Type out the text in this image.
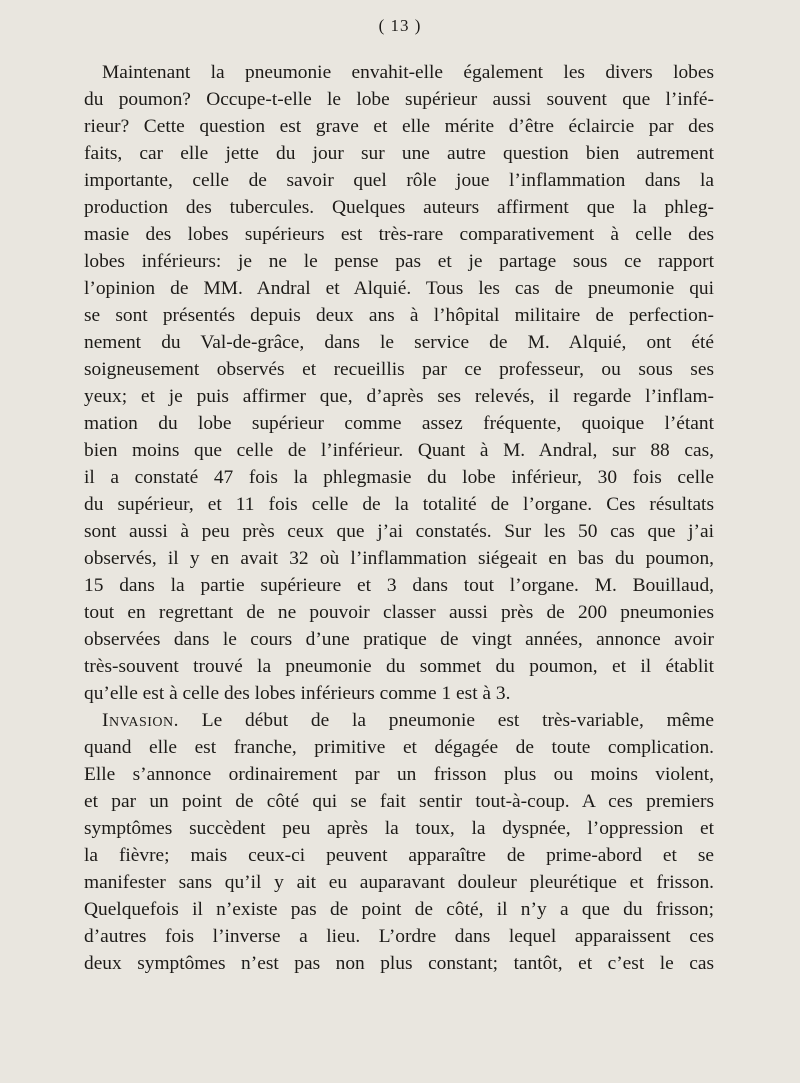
( 13 )
Maintenant la pneumonie envahit-elle également les divers lobes
du poumon? Occupe-t-elle le lobe supérieur aussi souvent que l’infé-
rieur? Cette question est grave et elle mérite d’être éclaircie par des
faits, car elle jette du jour sur une autre question bien autrement
importante, celle de savoir quel rôle joue l’inflammation dans la
production des tubercules. Quelques auteurs affirment que la phleg-
masie des lobes supérieurs est très-rare comparativement à celle des
lobes inférieurs: je ne le pense pas et je partage sous ce rapport
l’opinion de MM. Andral et Alquié. Tous les cas de pneumonie qui
se sont présentés depuis deux ans à l’hôpital militaire de perfection-
nement du Val-de-grâce, dans le service de M. Alquié, ont été
soigneusement observés et recueillis par ce professeur, ou sous ses
yeux; et je puis affirmer que, d’après ses relevés, il regarde l’inflam-
mation du lobe supérieur comme assez fréquente, quoique l’étant
bien moins que celle de l’inférieur. Quant à M. Andral, sur 88 cas,
il a constaté 47 fois la phlegmasie du lobe inférieur, 30 fois celle
du supérieur, et 11 fois celle de la totalité de l’organe. Ces résultats
sont aussi à peu près ceux que j’ai constatés. Sur les 50 cas que j’ai
observés, il y en avait 32 où l’inflammation siégeait en bas du poumon,
15 dans la partie supérieure et 3 dans tout l’organe. M. Bouillaud,
tout en regrettant de ne pouvoir classer aussi près de 200 pneumonies
observées dans le cours d’une pratique de vingt années, annonce avoir
très-souvent trouvé la pneumonie du sommet du poumon, et il établit
qu’elle est à celle des lobes inférieurs comme 1 est à 3.
Invasion. Le début de la pneumonie est très-variable, même
quand elle est franche, primitive et dégagée de toute complication.
Elle s’annonce ordinairement par un frisson plus ou moins violent,
et par un point de côté qui se fait sentir tout-à-coup. A ces premiers
symptômes succèdent peu après la toux, la dyspnée, l’oppression et
la fièvre; mais ceux-ci peuvent apparaître de prime-abord et se
manifester sans qu’il y ait eu auparavant douleur pleurétique et frisson.
Quelquefois il n’existe pas de point de côté, il n’y a que du frisson;
d’autres fois l’inverse a lieu. L’ordre dans lequel apparaissent ces
deux symptômes n’est pas non plus constant; tantôt, et c’est le cas
